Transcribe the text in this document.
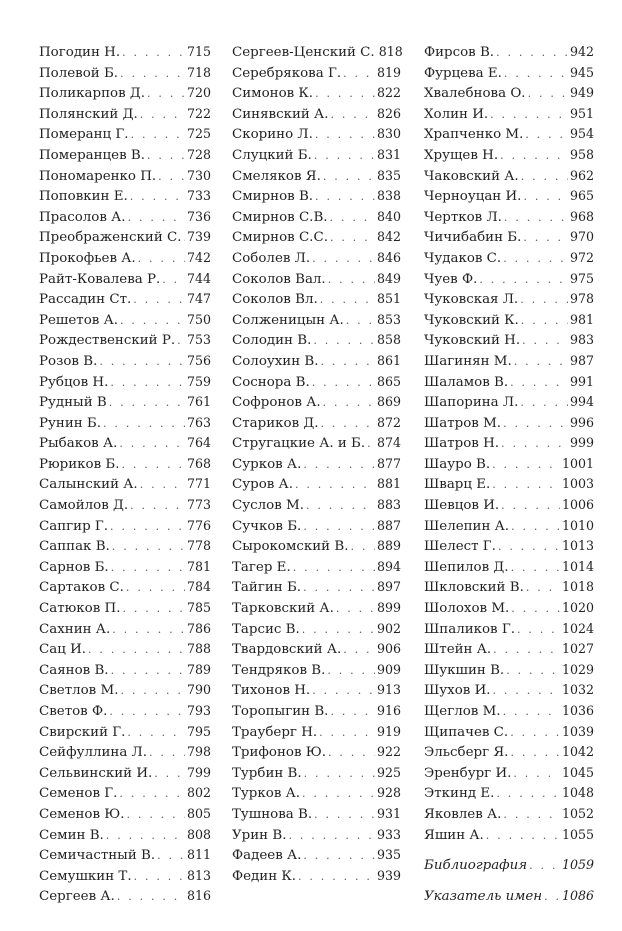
Погодин Н. . . .	715
Полевой Б. . . .	718
Поликарпов Д. . . .	720
Полянский Д. . . .	722
Померанц Г. . . .	725
Померанцев В. . . .	728
Пономаренко П. . . . 730
Поповкин Е. . . .	733
Прасолов А. . . .	736
Преображенский С. . . . 739
Прокофьев А. . . .	742
Райт-Ковалева Р. . . . 744
Рассадин Ст. . . .	747
Решетов А. . . .	750
Рождественский Р. . . . 753
Розов В. . . .	756
Рубцов Н. . . .	759
Рудный В . . .	761
Рунин Б. . . .	763
Рыбаков А. . . .	764
Рюриков Б. . . .	768
Салынский А. . . .	771
Самойлов Д. . . .	773
Сапгир Г. . . .	776
Саппак В. . . .	778
Сарнов Б. . . .	781
Сартаков С. . . .	784
Сатюков П. . . .	785
Сахнин А. . . .	786
Сац И. . . .	788
Саянов В. . . .	789
Светлов М. . . .	790
Светов Ф. . . .	793
Свирский Г. . . .	795
Сейфуллина Л. . . .	798
Сельвинский И. . . .	799
Семенов Г. . . .	802
Семенов Ю. . . .	805
Семин В. . . .	808
Семичастный В. . . .	811
Семушкин Т. . . .	813
Сергеев А. . . .	816
Сергеев-Ценский С. 818
Серебрякова Г. . . .	819
Симонов К. . . .	822
Синявский А. . . .	826
Скорино Л. . . .	830
Слуцкий Б. . . .	831
Смеляков Я. . . .	835
Смирнов В. . . .	838
Смирнов С.В. . . .	840
Смирнов С.С. . . .	842
Соболев Л. . . .	846
Соколов Вал. . . .	849
Соколов Вл. . . .	851
Солженицын А. . . .	853
Солодин В. . . .	858
Солоухин В. . . .	861
Соснора В. . . .	865
Софронов А. . . .	869
Стариков Д. . . .	872
Стругацкие А. и Б. . . . 874
Сурков А. . . .	877
Суров А. . . .	881
Суслов М. . . .	883
Сучков Б. . . .	887
Сырокомский В. . . . 889
Тагер Е. . . .	894
Тайгин Б. . . .	897
Тарковский А. . . .	899
Тарсис В. . . .	902
Твардовский А. . . .	906
Тендряков В. . . .	909
Тихонов Н. . . .	913
Торопыгин В. . . .	916
Трауберг Н. . . .	919
Трифонов Ю. . . .	922
Турбин В. . . .	925
Турков А. . . .	928
Тушнова В. . . .	931
Урин В. . . .	933
Фадеев А. . . .	935
Федин К. . . .	939
Фирсов В. . . .	942
Фурцева Е. . . .	945
Хвалебнова О. . . .	949
Холин И. . . .	951
Храпченко М. . . .	954
Хрущев Н. . . .	958
Чаковский А. . . .	962
Черноуцан И. . . .	965
Чертков Л. . . .	968
Чичибабин Б. . . .	970
Чудаков С. . . .	972
Чуев Ф. . . .	975
Чуковская Л. . . .	978
Чуковский К. . . .	981
Чуковский Н. . . .	983
Шагинян М. . . .	987
Шаламов В. . . .	991
Шапорина Л. . . .	994
Шатров М. . . .	996
Шатров Н. . . .	999
Шауро В. . . .	1001
Шварц Е. . . .	1003
Шевцов И. . . .	1006
Шелепин А. . . .	1010
Шелест Г. . . .	1013
Шепилов Д. . . .	1014
Шкловский В. . . .	1018
Шолохов М. . . .	1020
Шпаликов Г. . . .	1024
Штейн А. . . .	1027
Шукшин В. . . .	1029
Шухов И. . . .	1032
Щеглов М. . . .	1036
Щипачев С. . . .	1039
Эльсберг Я. . . .	1042
Эренбург И. . . .	1045
Эткинд Е. . . .	1048
Яковлев А. . . .	1052
Яшин А. . . .	1055
Библиография . . .	1059
Указатель имен . . . 1086
